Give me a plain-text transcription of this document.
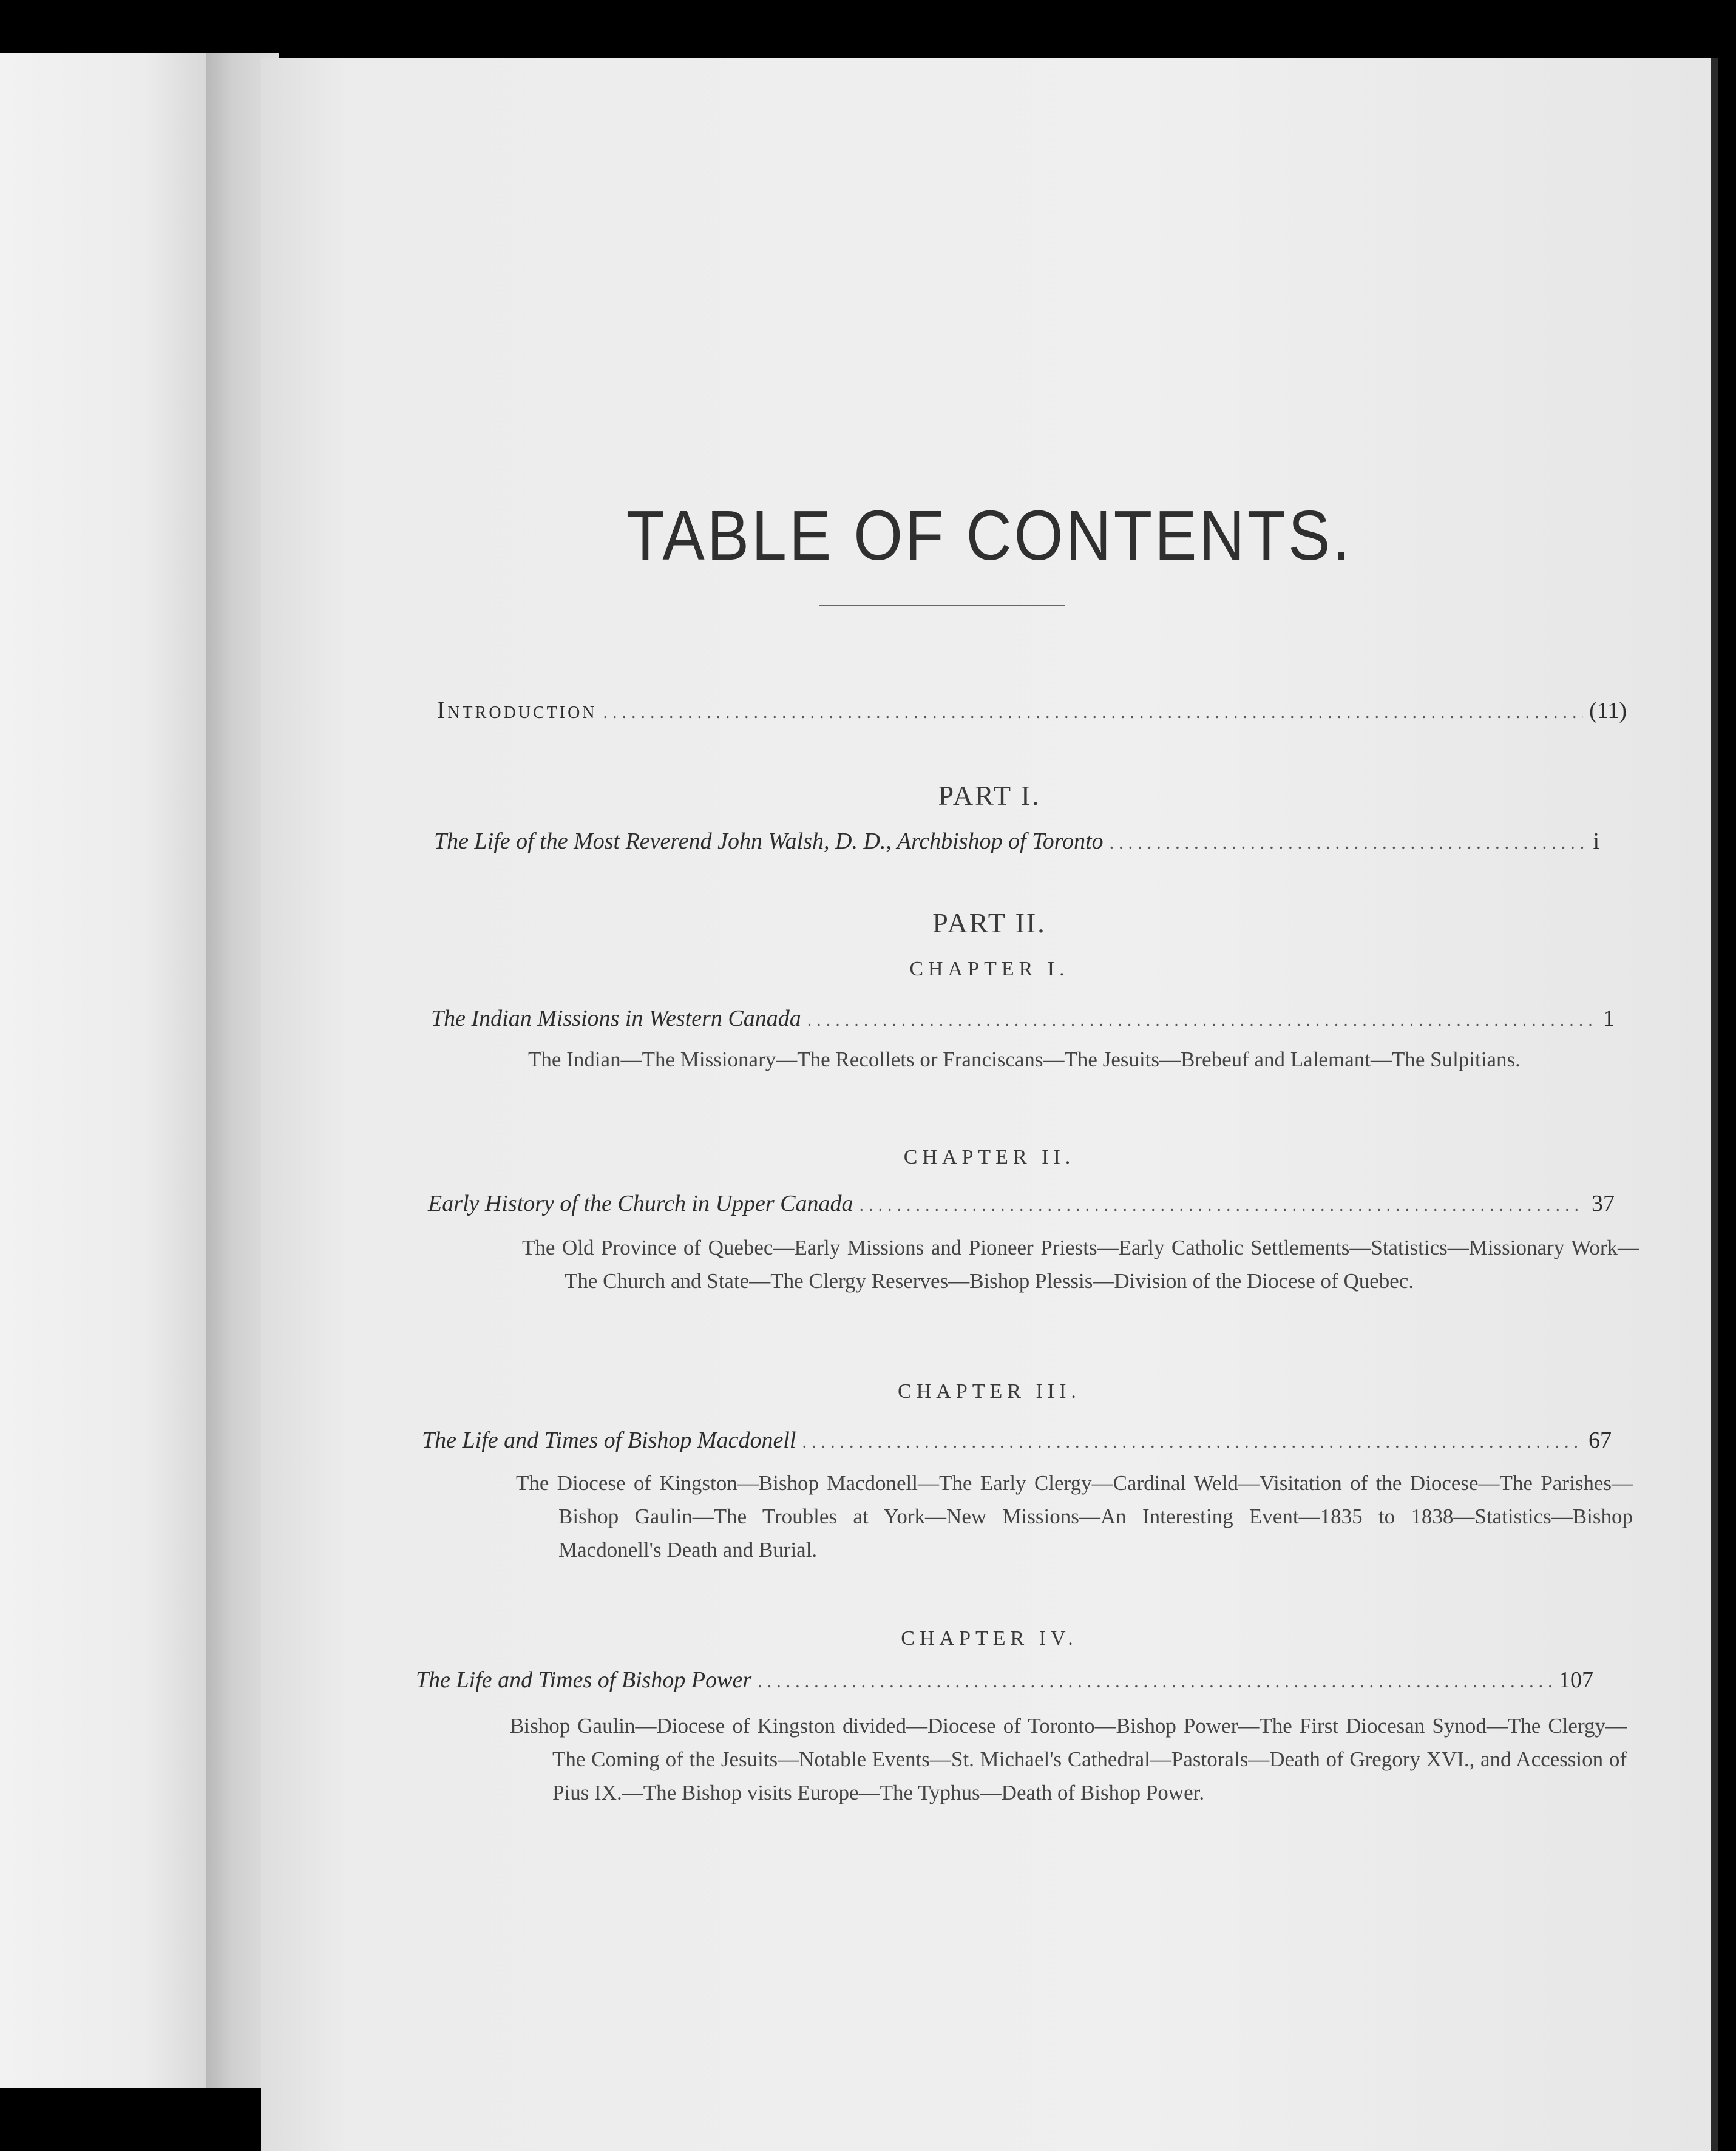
TABLE OF CONTENTS.
Introduction .....	(11)
PART I.
The Life of the Most Reverend John Walsh, D. D., Archbishop of Toronto .....	i
PART II.
CHAPTER I.
The Indian Missions in Western Canada .....	1
The Indian—The Missionary—The Recollets or Franciscans—The Jesuits—Brebeuf and Lalemant—The Sulpitians.
CHAPTER II.
Early History of the Church in Upper Canada .....	37
The Old Province of Quebec—Early Missions and Pioneer Priests—Early Catholic Settlements—Statistics—Missionary Work—The Church and State—The Clergy Reserves—Bishop Plessis—Division of the Diocese of Quebec.
CHAPTER III.
The Life and Times of Bishop Macdonell .....	67
The Diocese of Kingston—Bishop Macdonell—The Early Clergy—Cardinal Weld—Visitation of the Diocese—The Parishes—Bishop Gaulin—The Troubles at York—New Missions—An Interesting Event—1835 to 1838—Statistics—Bishop Macdonell's Death and Burial.
CHAPTER IV.
The Life and Times of Bishop Power .....	107
Bishop Gaulin—Diocese of Kingston divided—Diocese of Toronto—Bishop Power—The First Diocesan Synod—The Clergy—The Coming of the Jesuits—Notable Events—St. Michael's Cathedral—Pastorals—Death of Gregory XVI., and Accession of Pius IX.—The Bishop visits Europe—The Typhus—Death of Bishop Power.
